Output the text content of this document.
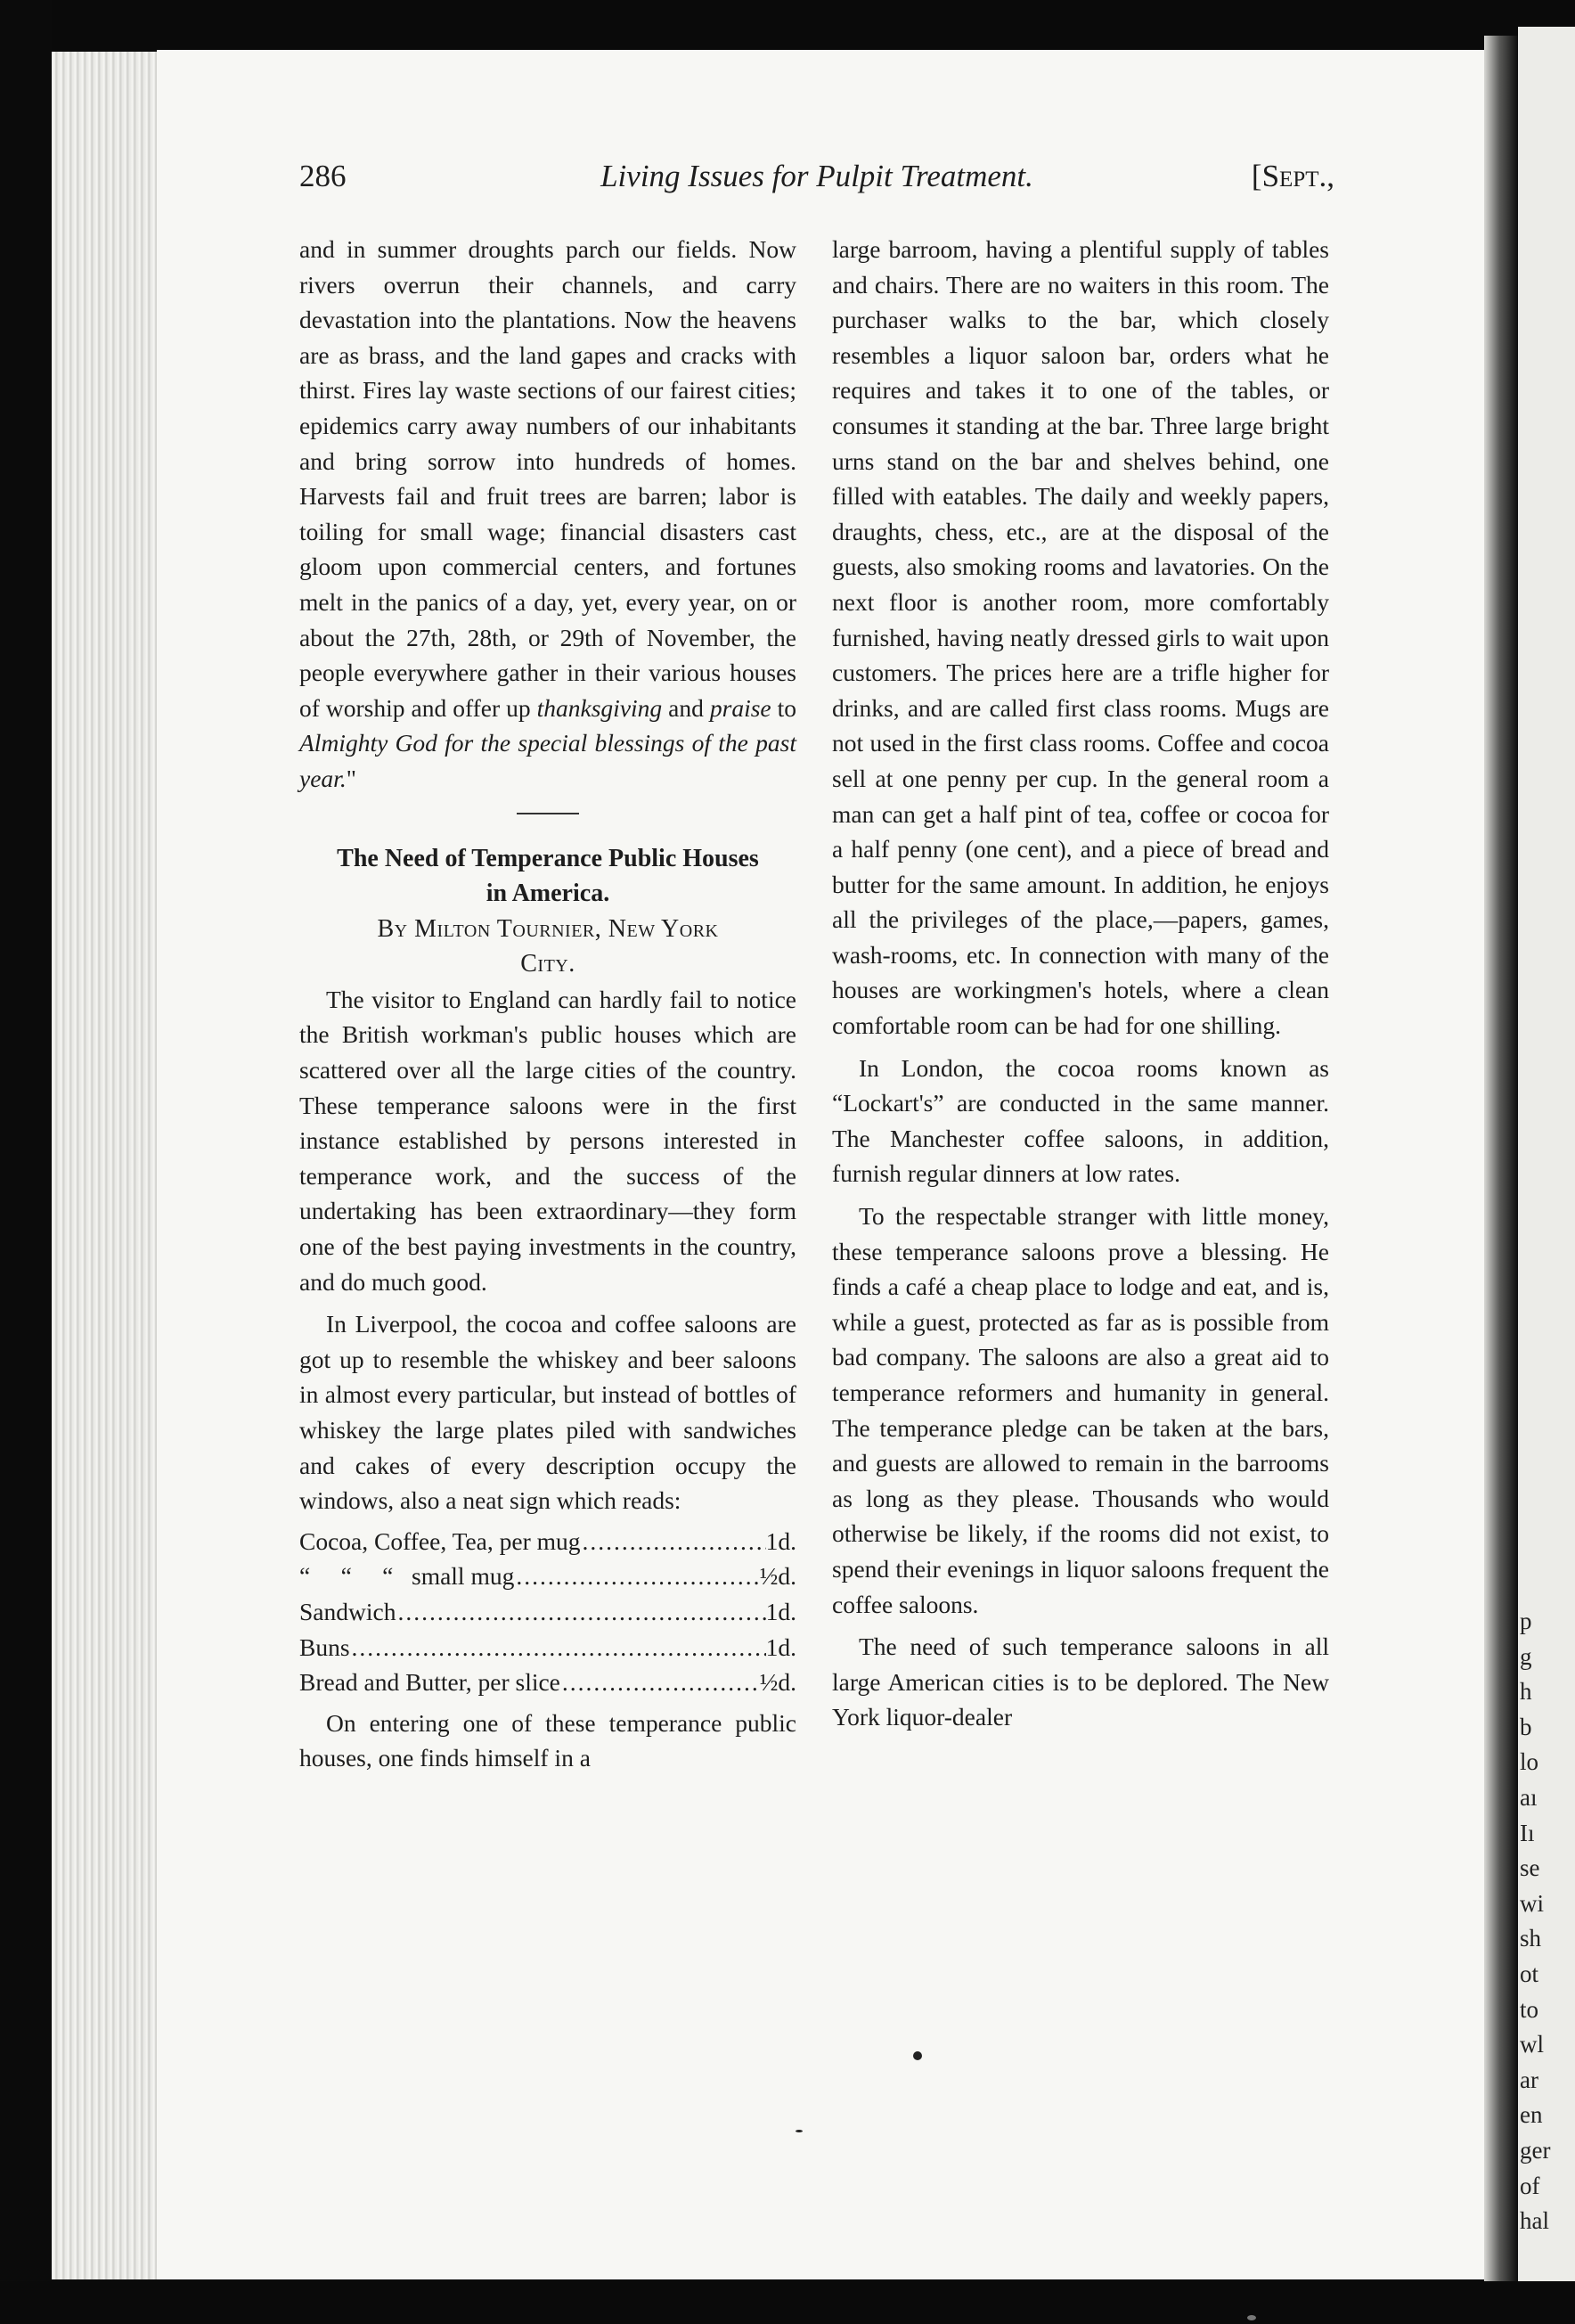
p
g
h
b
lo
aı
Iı
se
wi
sh
ot
to
wl
ar
en
ger
of
hal
286	Living Issues for Pulpit Treatment.	[Sept.,

and in summer droughts parch our fields. Now rivers overrun their channels, and carry devastation into the plantations. Now the heavens are as brass, and the land gapes and cracks with thirst. Fires lay waste sections of our fairest cities; epidemics carry away numbers of our inhabitants and bring sorrow into hundreds of homes. Harvests fail and fruit trees are barren; labor is toiling for small wage; financial disasters cast gloom upon commercial centers, and fortunes melt in the panics of a day, yet, every year, on or about the 27th, 28th, or 29th of November, the people everywhere gather in their various houses of worship and offer up thanksgiving and praise to Almighty God for the special blessings of the past year."

The Need of Temperance Public Houses
in America.

By Milton Tournier, New York
City.

The visitor to England can hardly fail to notice the British workman's public houses which are scattered over all the large cities of the country. These temperance saloons were in the first instance established by persons interested in temperance work, and the success of the undertaking has been extraordinary—they form one of the best paying investments in the country, and do much good.

In Liverpool, the cocoa and coffee saloons are got up to resemble the whiskey and beer saloons in almost every particular, but instead of bottles of whiskey the large plates piled with sandwiches and cakes of every description occupy the windows, also a neat sign which reads:

Cocoa, Coffee, Tea, per mug .....	1d.
“     “     “   small mug .....	½d.
Sandwich .....	1d.
Buns .....	1d.
Bread and Butter, per slice .....	½d.

On entering one of these temperance public houses, one finds himself in a

large barroom, having a plentiful supply of tables and chairs. There are no waiters in this room. The purchaser walks to the bar, which closely resembles a liquor saloon bar, orders what he requires and takes it to one of the tables, or consumes it standing at the bar. Three large bright urns stand on the bar and shelves behind, one filled with eatables. The daily and weekly papers, draughts, chess, etc., are at the disposal of the guests, also smoking rooms and lavatories. On the next floor is another room, more comfortably furnished, having neatly dressed girls to wait upon customers. The prices here are a trifle higher for drinks, and are called first class rooms. Mugs are not used in the first class rooms. Coffee and cocoa sell at one penny per cup. In the general room a man can get a half pint of tea, coffee or cocoa for a half penny (one cent), and a piece of bread and butter for the same amount. In addition, he enjoys all the privileges of the place,—papers, games, wash-rooms, etc. In connection with many of the houses are workingmen's hotels, where a clean comfortable room can be had for one shilling.

In London, the cocoa rooms known as “Lockart's” are conducted in the same manner. The Manchester coffee saloons, in addition, furnish regular dinners at low rates.

To the respectable stranger with little money, these temperance saloons prove a blessing. He finds a café a cheap place to lodge and eat, and is, while a guest, protected as far as is possible from bad company. The saloons are also a great aid to temperance reformers and humanity in general. The temperance pledge can be taken at the bars, and guests are allowed to remain in the barrooms as long as they please. Thousands who would otherwise be likely, if the rooms did not exist, to spend their evenings in liquor saloons frequent the coffee saloons.

The need of such temperance saloons in all large American cities is to be deplored. The New York liquor-dealer
